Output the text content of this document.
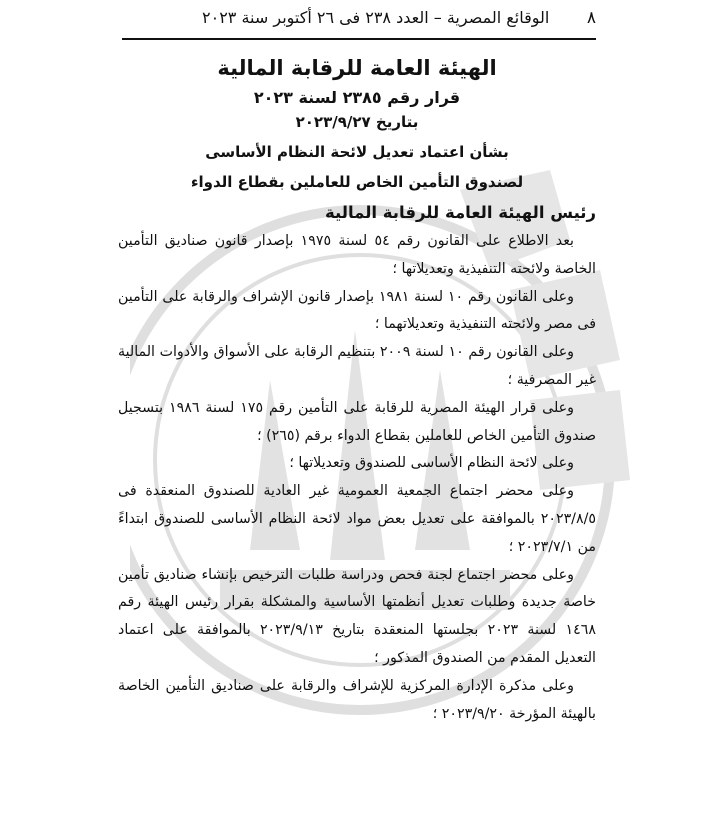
٨
الوقائع المصرية – العدد ٢٣٨ فى ٢٦ أكتوبر سنة ٢٠٢٣
الهيئة العامة للرقابة المالية
قرار رقم ٢٣٨٥ لسنة ٢٠٢٣
بتاريخ ٢٠٢٣/٩/٢٧
بشأن اعتماد تعديل لائحة النظام الأساسى
لصندوق التأمين الخاص للعاملين بقطاع الدواء
رئيس الهيئة العامة للرقابة المالية

بعد الاطلاع على القانون رقم ٥٤ لسنة ١٩٧٥ بإصدار قانون صناديق التأمين الخاصة ولائحته التنفيذية وتعديلاتها ؛

وعلى القانون رقم ١٠ لسنة ١٩٨١ بإصدار قانون الإشراف والرقابة على التأمين فى مصر ولائحته التنفيذية وتعديلاتهما ؛

وعلى القانون رقم ١٠ لسنة ٢٠٠٩ بتنظيم الرقابة على الأسواق والأدوات المالية غير المصرفية ؛

وعلى قرار الهيئة المصرية للرقابة على التأمين رقم ١٧٥ لسنة ١٩٨٦ بتسجيل صندوق التأمين الخاص للعاملين بقطاع الدواء برقم (٢٦٥) ؛

وعلى لائحة النظام الأساسى للصندوق وتعديلاتها ؛

وعلى محضر اجتماع الجمعية العمومية غير العادية للصندوق المنعقدة فى ٢٠٢٣/٨/٥ بالموافقة على تعديل بعض مواد لائحة النظام الأساسى للصندوق ابتداءً من ٢٠٢٣/٧/١ ؛

وعلى محضر اجتماع لجنة فحص ودراسة طلبات الترخيص بإنشاء صناديق تأمين خاصة جديدة وطلبات تعديل أنظمتها الأساسية والمشكلة بقرار رئيس الهيئة رقم ١٤٦٨ لسنة ٢٠٢٣ بجلستها المنعقدة بتاريخ ٢٠٢٣/٩/١٣ بالموافقة على اعتماد التعديل المقدم من الصندوق المذكور ؛

وعلى مذكرة الإدارة المركزية للإشراف والرقابة على صناديق التأمين الخاصة بالهيئة المؤرخة ٢٠٢٣/٩/٢٠ ؛
